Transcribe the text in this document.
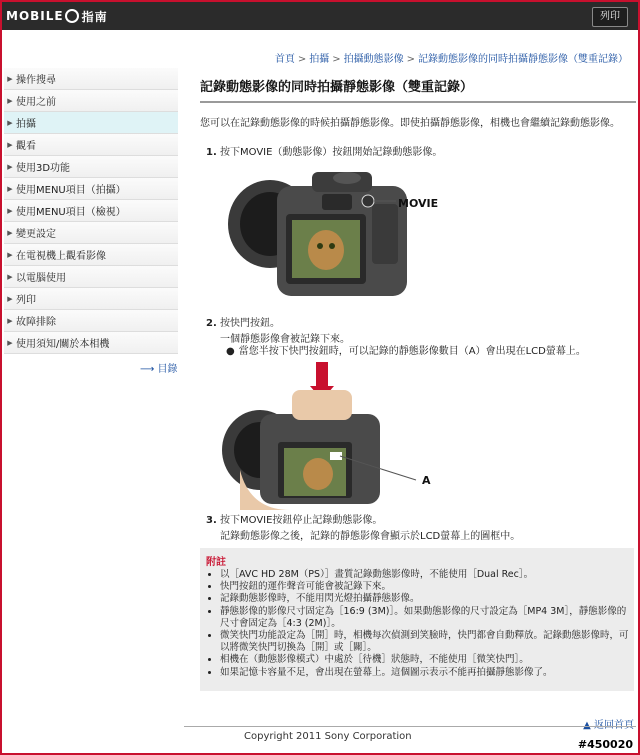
MOBILE 指南	列印
首頁 > 拍攝 > 拍攝動態影像 > 記錄動態影像的同時拍攝靜態影像（雙重記錄）
▶ 操作搜尋
▶ 使用之前
▶ 拍攝
▶ 觀看
▶ 使用3D功能
▶ 使用MENU項目（拍攝）
▶ 使用MENU項目（檢視）
▶ 變更設定
▶ 在電視機上觀看影像
▶ 以電腦使用
▶ 列印
▶ 故障排除
▶ 使用須知/關於本相機
⟶ 目錄
記錄動態影像的同時拍攝靜態影像（雙重記錄）
您可以在記錄動態影像的時候拍攝靜態影像。即使拍攝靜態影像，相機也會繼續記錄動態影像。
1. 按下MOVIE（動態影像）按鈕開始記錄動態影像。
MOVIE
2. 按快門按鈕。
一個靜態影像會被記錄下來。
● 當您半按下快門按鈕時，可以記錄的靜態影像數目（A）會出現在LCD螢幕上。
A
3. 按下MOVIE按鈕停止記錄動態影像。
記錄動態影像之後，記錄的靜態影像會顯示於LCD螢幕上的圖框中。
附註
• 以［AVC HD 28M（PS）］畫質記錄動態影像時，不能使用［Dual Rec］。
• 快門按鈕的運作聲音可能會被記錄下來。
• 記錄動態影像時，不能用閃光燈拍攝靜態影像。
• 靜態影像的影像尺寸固定為［16:9 (3M)］。如果動態影像的尺寸設定為［MP4 3M］，靜態影像的尺寸會固定為［4:3 (2M)］。
• 微笑快門功能設定為［開］時，相機每次偵測到笑臉時，快門都會自動釋放。記錄動態影像時，可以將微笑快門切換為［開］或［關］。
• 相機在（動態影像模式）中處於［待機］狀態時，不能使用［微笑快門］。
• 如果記憶卡容量不足，會出現在螢幕上。這個圖示表示不能再拍攝靜態影像了。
▲ 返回首頁
Copyright 2011 Sony Corporation
#450020
